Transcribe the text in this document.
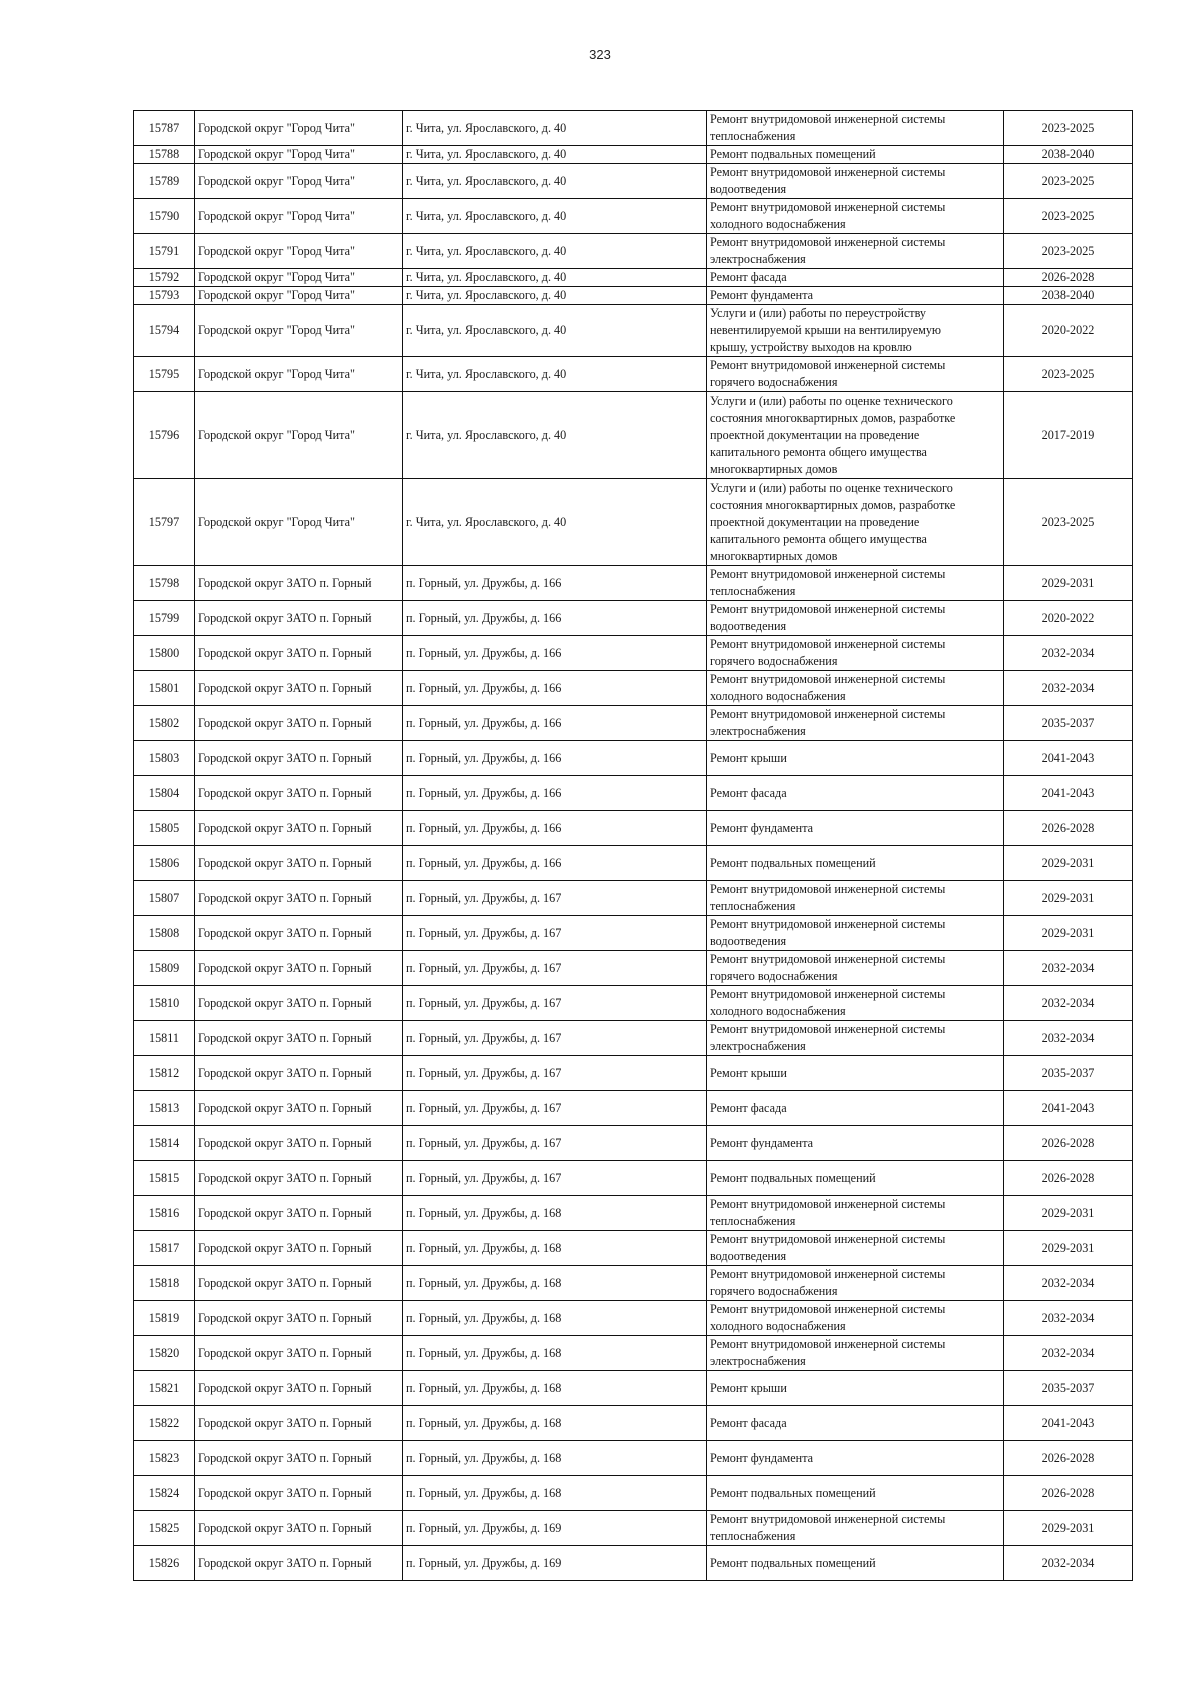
323
15787	Городской округ "Город Чита"	г. Чита, ул. Ярославского, д. 40	Ремонт внутридомовой инженерной системы
теплоснабжения	2023-2025
15788	Городской округ "Город Чита"	г. Чита, ул. Ярославского, д. 40	Ремонт подвальных помещений	2038-2040
15789	Городской округ "Город Чита"	г. Чита, ул. Ярославского, д. 40	Ремонт внутридомовой инженерной системы
водоотведения	2023-2025
15790	Городской округ "Город Чита"	г. Чита, ул. Ярославского, д. 40	Ремонт внутридомовой инженерной системы
холодного водоснабжения	2023-2025
15791	Городской округ "Город Чита"	г. Чита, ул. Ярославского, д. 40	Ремонт внутридомовой инженерной системы
электроснабжения	2023-2025
15792	Городской округ "Город Чита"	г. Чита, ул. Ярославского, д. 40	Ремонт фасада	2026-2028
15793	Городской округ "Город Чита"	г. Чита, ул. Ярославского, д. 40	Ремонт фундамента	2038-2040
15794	Городской округ "Город Чита"	г. Чита, ул. Ярославского, д. 40	Услуги и (или) работы по переустройству
невентилируемой крыши на вентилируемую
крышу, устройству выходов на кровлю	2020-2022
15795	Городской округ "Город Чита"	г. Чита, ул. Ярославского, д. 40	Ремонт внутридомовой инженерной системы
горячего водоснабжения	2023-2025
15796	Городской округ "Город Чита"	г. Чита, ул. Ярославского, д. 40	Услуги и (или) работы по оценке технического
состояния многоквартирных домов, разработке
проектной документации на проведение
капитального ремонта общего имущества
многоквартирных домов	2017-2019
15797	Городской округ "Город Чита"	г. Чита, ул. Ярославского, д. 40	Услуги и (или) работы по оценке технического
состояния многоквартирных домов, разработке
проектной документации на проведение
капитального ремонта общего имущества
многоквартирных домов	2023-2025
15798	Городской округ ЗАТО п. Горный	п. Горный, ул. Дружбы, д. 166	Ремонт внутридомовой инженерной системы
теплоснабжения	2029-2031
15799	Городской округ ЗАТО п. Горный	п. Горный, ул. Дружбы, д. 166	Ремонт внутридомовой инженерной системы
водоотведения	2020-2022
15800	Городской округ ЗАТО п. Горный	п. Горный, ул. Дружбы, д. 166	Ремонт внутридомовой инженерной системы
горячего водоснабжения	2032-2034
15801	Городской округ ЗАТО п. Горный	п. Горный, ул. Дружбы, д. 166	Ремонт внутридомовой инженерной системы
холодного водоснабжения	2032-2034
15802	Городской округ ЗАТО п. Горный	п. Горный, ул. Дружбы, д. 166	Ремонт внутридомовой инженерной системы
электроснабжения	2035-2037
15803	Городской округ ЗАТО п. Горный	п. Горный, ул. Дружбы, д. 166	Ремонт крыши	2041-2043
15804	Городской округ ЗАТО п. Горный	п. Горный, ул. Дружбы, д. 166	Ремонт фасада	2041-2043
15805	Городской округ ЗАТО п. Горный	п. Горный, ул. Дружбы, д. 166	Ремонт фундамента	2026-2028
15806	Городской округ ЗАТО п. Горный	п. Горный, ул. Дружбы, д. 166	Ремонт подвальных помещений	2029-2031
15807	Городской округ ЗАТО п. Горный	п. Горный, ул. Дружбы, д. 167	Ремонт внутридомовой инженерной системы
теплоснабжения	2029-2031
15808	Городской округ ЗАТО п. Горный	п. Горный, ул. Дружбы, д. 167	Ремонт внутридомовой инженерной системы
водоотведения	2029-2031
15809	Городской округ ЗАТО п. Горный	п. Горный, ул. Дружбы, д. 167	Ремонт внутридомовой инженерной системы
горячего водоснабжения	2032-2034
15810	Городской округ ЗАТО п. Горный	п. Горный, ул. Дружбы, д. 167	Ремонт внутридомовой инженерной системы
холодного водоснабжения	2032-2034
15811	Городской округ ЗАТО п. Горный	п. Горный, ул. Дружбы, д. 167	Ремонт внутридомовой инженерной системы
электроснабжения	2032-2034
15812	Городской округ ЗАТО п. Горный	п. Горный, ул. Дружбы, д. 167	Ремонт крыши	2035-2037
15813	Городской округ ЗАТО п. Горный	п. Горный, ул. Дружбы, д. 167	Ремонт фасада	2041-2043
15814	Городской округ ЗАТО п. Горный	п. Горный, ул. Дружбы, д. 167	Ремонт фундамента	2026-2028
15815	Городской округ ЗАТО п. Горный	п. Горный, ул. Дружбы, д. 167	Ремонт подвальных помещений	2026-2028
15816	Городской округ ЗАТО п. Горный	п. Горный, ул. Дружбы, д. 168	Ремонт внутридомовой инженерной системы
теплоснабжения	2029-2031
15817	Городской округ ЗАТО п. Горный	п. Горный, ул. Дружбы, д. 168	Ремонт внутридомовой инженерной системы
водоотведения	2029-2031
15818	Городской округ ЗАТО п. Горный	п. Горный, ул. Дружбы, д. 168	Ремонт внутридомовой инженерной системы
горячего водоснабжения	2032-2034
15819	Городской округ ЗАТО п. Горный	п. Горный, ул. Дружбы, д. 168	Ремонт внутридомовой инженерной системы
холодного водоснабжения	2032-2034
15820	Городской округ ЗАТО п. Горный	п. Горный, ул. Дружбы, д. 168	Ремонт внутридомовой инженерной системы
электроснабжения	2032-2034
15821	Городской округ ЗАТО п. Горный	п. Горный, ул. Дружбы, д. 168	Ремонт крыши	2035-2037
15822	Городской округ ЗАТО п. Горный	п. Горный, ул. Дружбы, д. 168	Ремонт фасада	2041-2043
15823	Городской округ ЗАТО п. Горный	п. Горный, ул. Дружбы, д. 168	Ремонт фундамента	2026-2028
15824	Городской округ ЗАТО п. Горный	п. Горный, ул. Дружбы, д. 168	Ремонт подвальных помещений	2026-2028
15825	Городской округ ЗАТО п. Горный	п. Горный, ул. Дружбы, д. 169	Ремонт внутридомовой инженерной системы
теплоснабжения	2029-2031
15826	Городской округ ЗАТО п. Горный	п. Горный, ул. Дружбы, д. 169	Ремонт подвальных помещений	2032-2034
